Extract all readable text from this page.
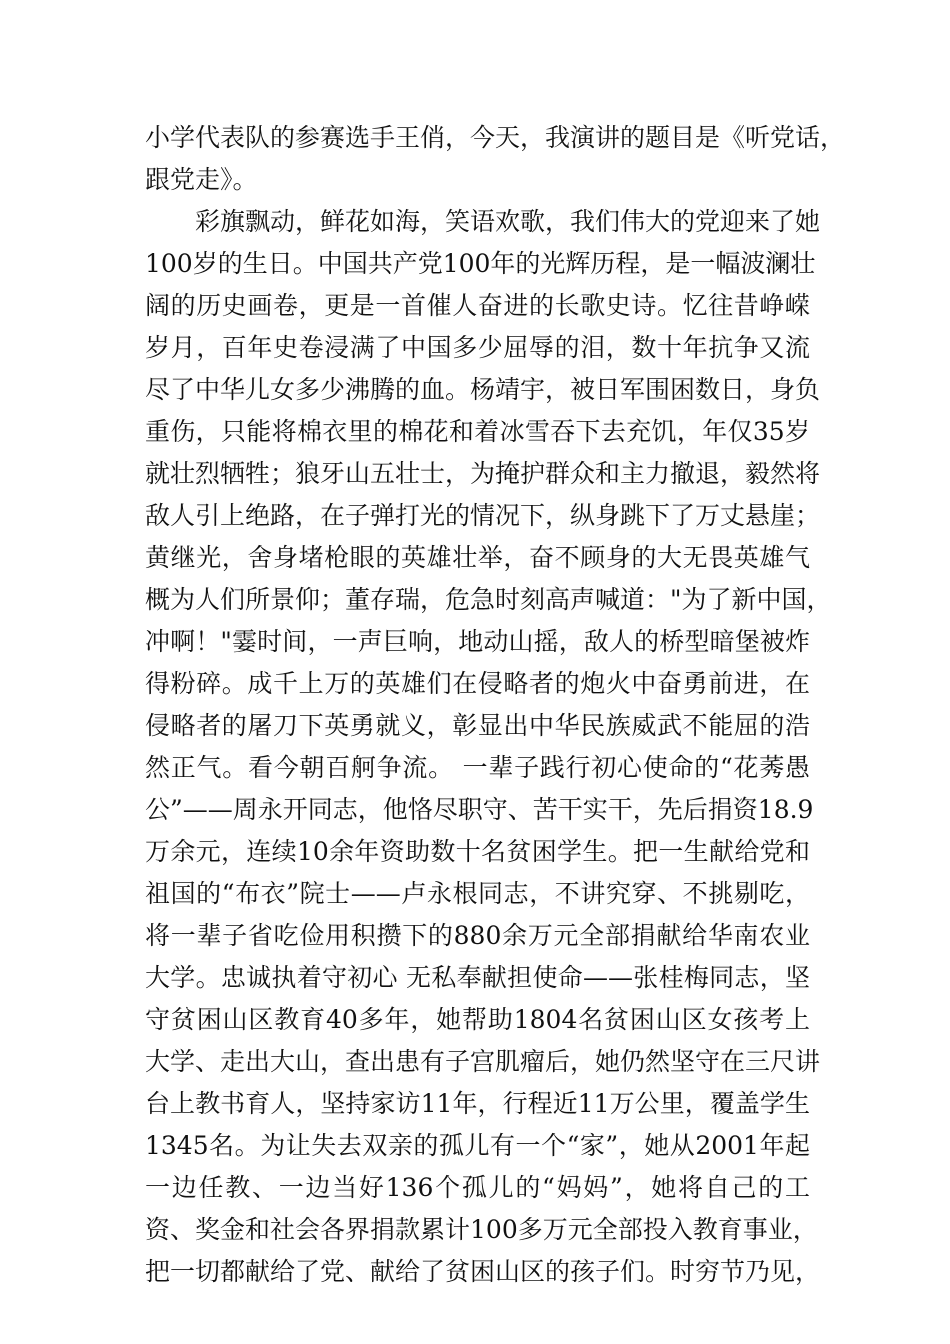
小学代表队的参赛选手王俏，今天，我演讲的题目是《听党话，
跟党走》。
彩旗飘动，鲜花如海，笑语欢歌，我们伟大的党迎来了她
100岁的生日。中国共产党100年的光辉历程，是一幅波澜壮
阔的历史画卷，更是一首催人奋进的长歌史诗。忆往昔峥嵘
岁月，百年史卷浸满了中国多少屈辱的泪，数十年抗争又流
尽了中华儿女多少沸腾的血。杨靖宇，被日军围困数日，身负
重伤，只能将棉衣里的棉花和着冰雪吞下去充饥，年仅35岁
就壮烈牺牲；狼牙山五壮士，为掩护群众和主力撤退，毅然将
敌人引上绝路，在子弹打光的情况下，纵身跳下了万丈悬崖；
黄继光，舍身堵枪眼的英雄壮举，奋不顾身的大无畏英雄气
概为人们所景仰；董存瑞，危急时刻高声喊道："为了新中国，
冲啊！"霎时间，一声巨响，地动山摇，敌人的桥型暗堡被炸
得粉碎。成千上万的英雄们在侵略者的炮火中奋勇前进，在
侵略者的屠刀下英勇就义，彰显出中华民族威武不能屈的浩
然正气。看今朝百舸争流。 一辈子践行初心使命的“花莠愚
公”——周永开同志，他恪尽职守、苦干实干，先后捐资18.9
万余元，连续10余年资助数十名贫困学生。把一生献给党和
祖国的“布衣”院士——卢永根同志，不讲究穿、不挑剔吃，
将一辈子省吃俭用积攒下的880余万元全部捐献给华南农业
大学。忠诚执着守初心 无私奉献担使命——张桂梅同志，坚
守贫困山区教育40多年，她帮助1804名贫困山区女孩考上
大学、走出大山，查出患有子宫肌瘤后，她仍然坚守在三尺讲
台上教书育人，坚持家访11年，行程近11万公里，覆盖学生
1345名。为让失去双亲的孤儿有一个“家”，她从2001年起
一边任教、一边当好136个孤儿的“妈妈”，她将自己的工
资、奖金和社会各界捐款累计100多万元全部投入教育事业，
把一切都献给了党、献给了贫困山区的孩子们。时穷节乃见，
